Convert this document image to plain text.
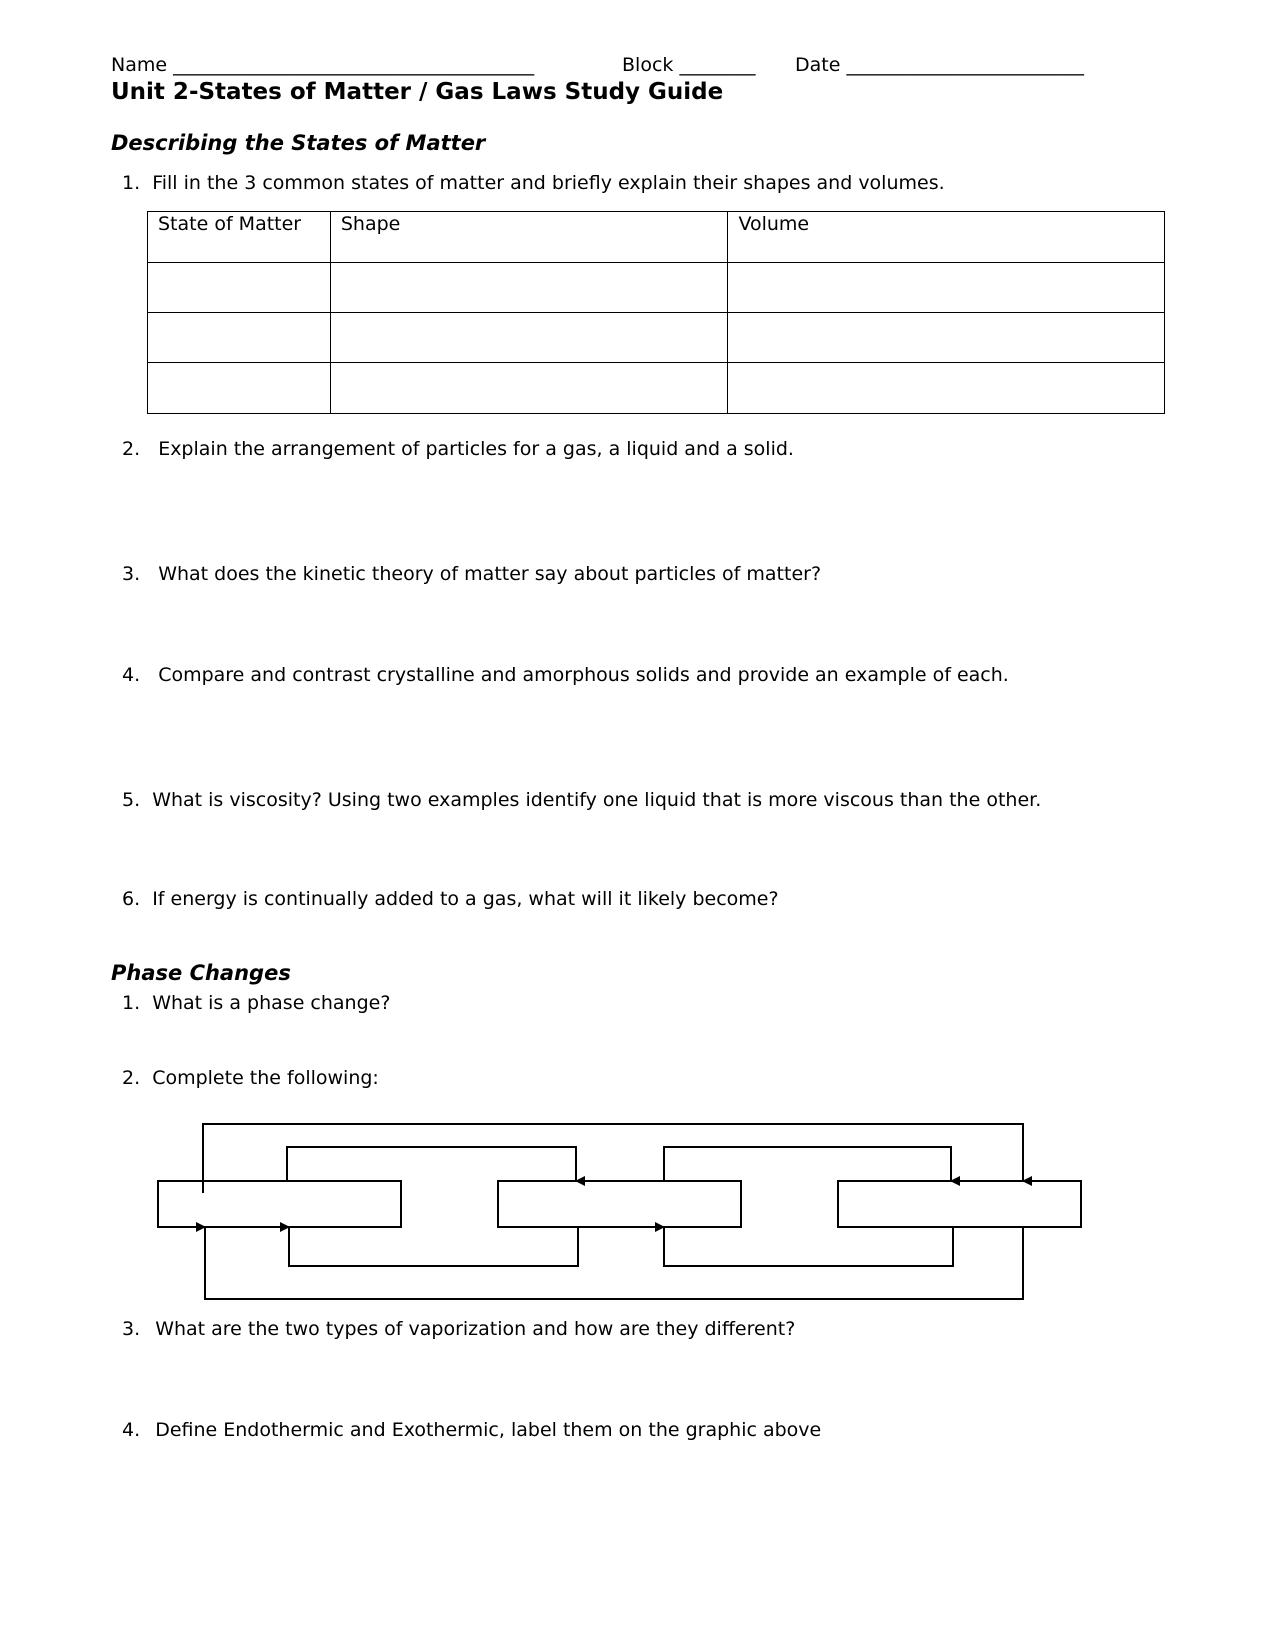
Name ______________________________________	Block ________ Date _________________________
Unit 2-States of Matter / Gas Laws Study Guide
Describing the States of Matter
1. Fill in the 3 common states of matter and briefly explain their shapes and volumes.
State of Matter	Shape	Volume

2. Explain the arrangement of particles for a gas, a liquid and a solid.
3. What does the kinetic theory of matter say about particles of matter?
4. Compare and contrast crystalline and amorphous solids and provide an example of each.
5. What is viscosity? Using two examples identify one liquid that is more viscous than the other.
6. If energy is continually added to a gas, what will it likely become?
Phase Changes
1. What is a phase change?
2. Complete the following:
3. What are the two types of vaporization and how are they different?
4. Define Endothermic and Exothermic, label them on the graphic above
